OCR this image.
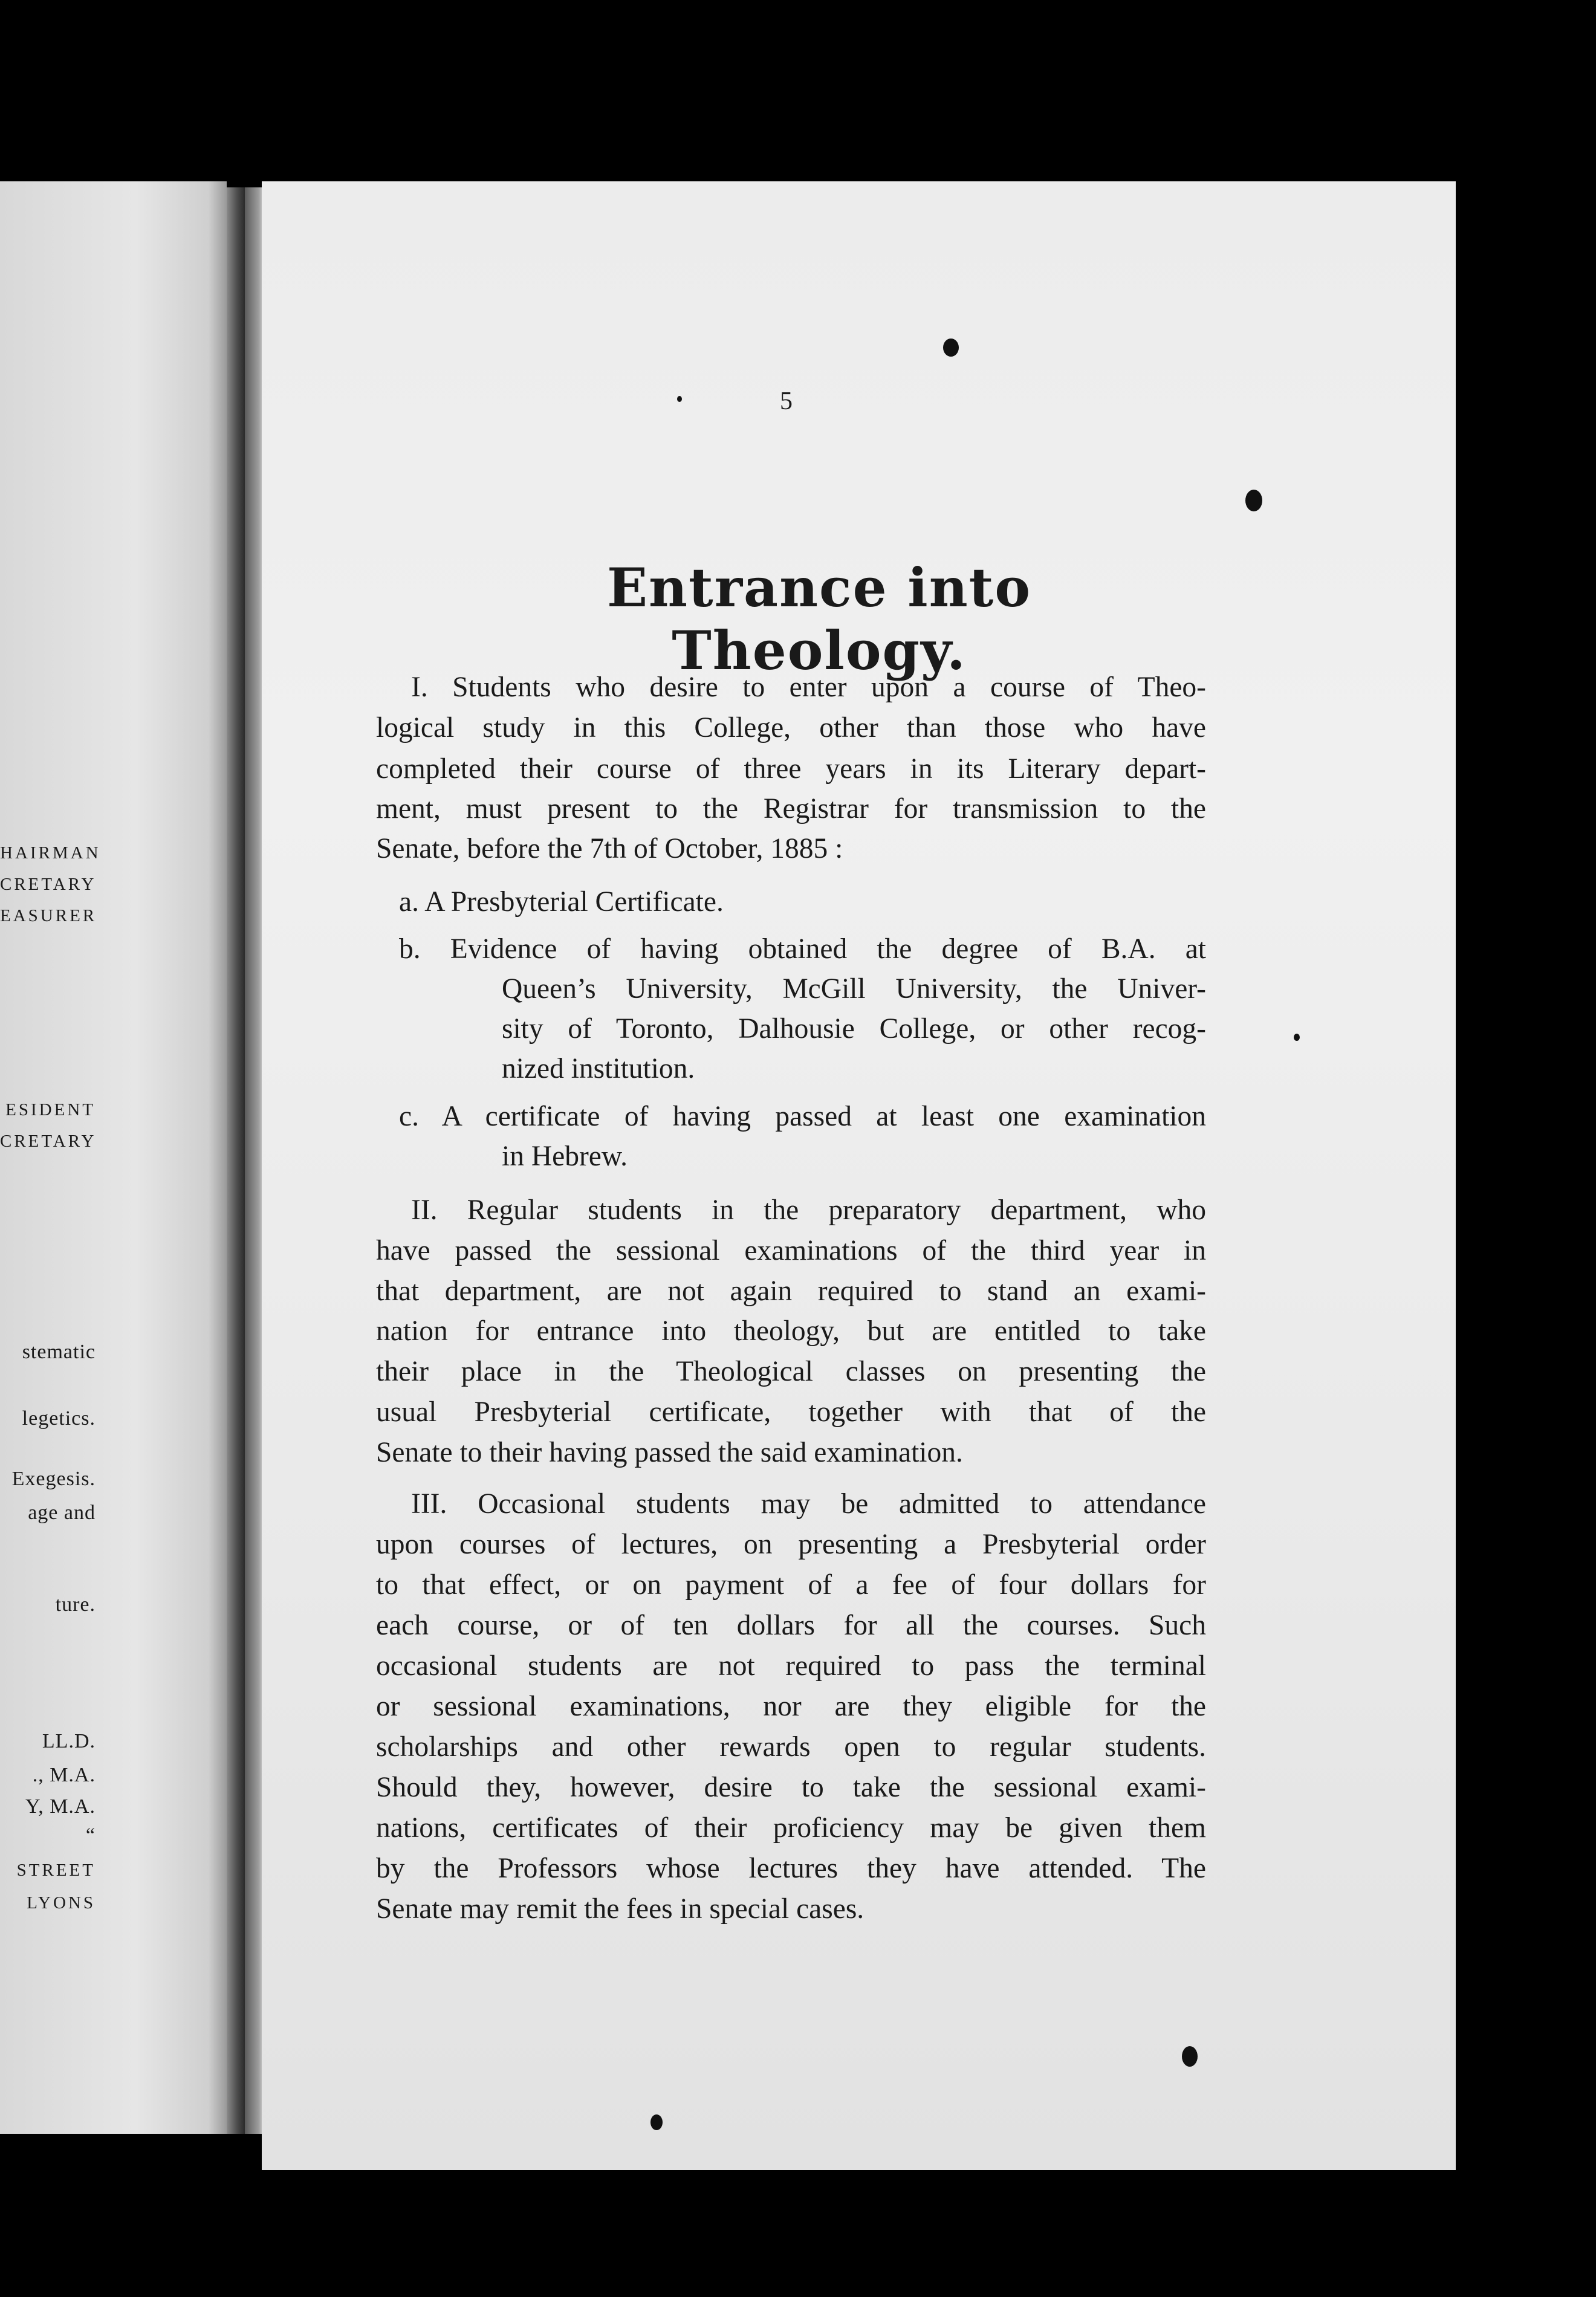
HAIRMAN
CRETARY
EASURER
ESIDENT
CRETARY
stematic
legetics.
Exegesis.
age and
ture.
LL.D.
., M.A.
Y, M.A.
“
STREET
LYONS
5
Entrance into Theology.
I. Students who desire to enter upon a course of Theo-
logical study in this College, other than those who have
completed their course of three years in its Literary depart-
ment, must present to the Registrar for transmission to the
Senate, before the 7th of October, 1885 :
a. A Presbyterial Certificate.
b. Evidence of having obtained the degree of B.A. at
Queen’s University, McGill University, the Univer-
sity of Toronto, Dalhousie College, or other recog-
nized institution.
c. A certificate of having passed at least one examination
in Hebrew.
II. Regular students in the preparatory department, who
have passed the sessional examinations of the third year in
that department, are not again required to stand an exami-
nation for entrance into theology, but are entitled to take
their place in the Theological classes on presenting the
usual Presbyterial certificate, together with that of the
Senate to their having passed the said examination.
III. Occasional students may be admitted to attendance
upon courses of lectures, on presenting a Presbyterial order
to that effect, or on payment of a fee of four dollars for
each course, or of ten dollars for all the courses. Such
occasional students are not required to pass the terminal
or sessional examinations, nor are they eligible for the
scholarships and other rewards open to regular students.
Should they, however, desire to take the sessional exami-
nations, certificates of their proficiency may be given them
by the Professors whose lectures they have attended. The
Senate may remit the fees in special cases.
